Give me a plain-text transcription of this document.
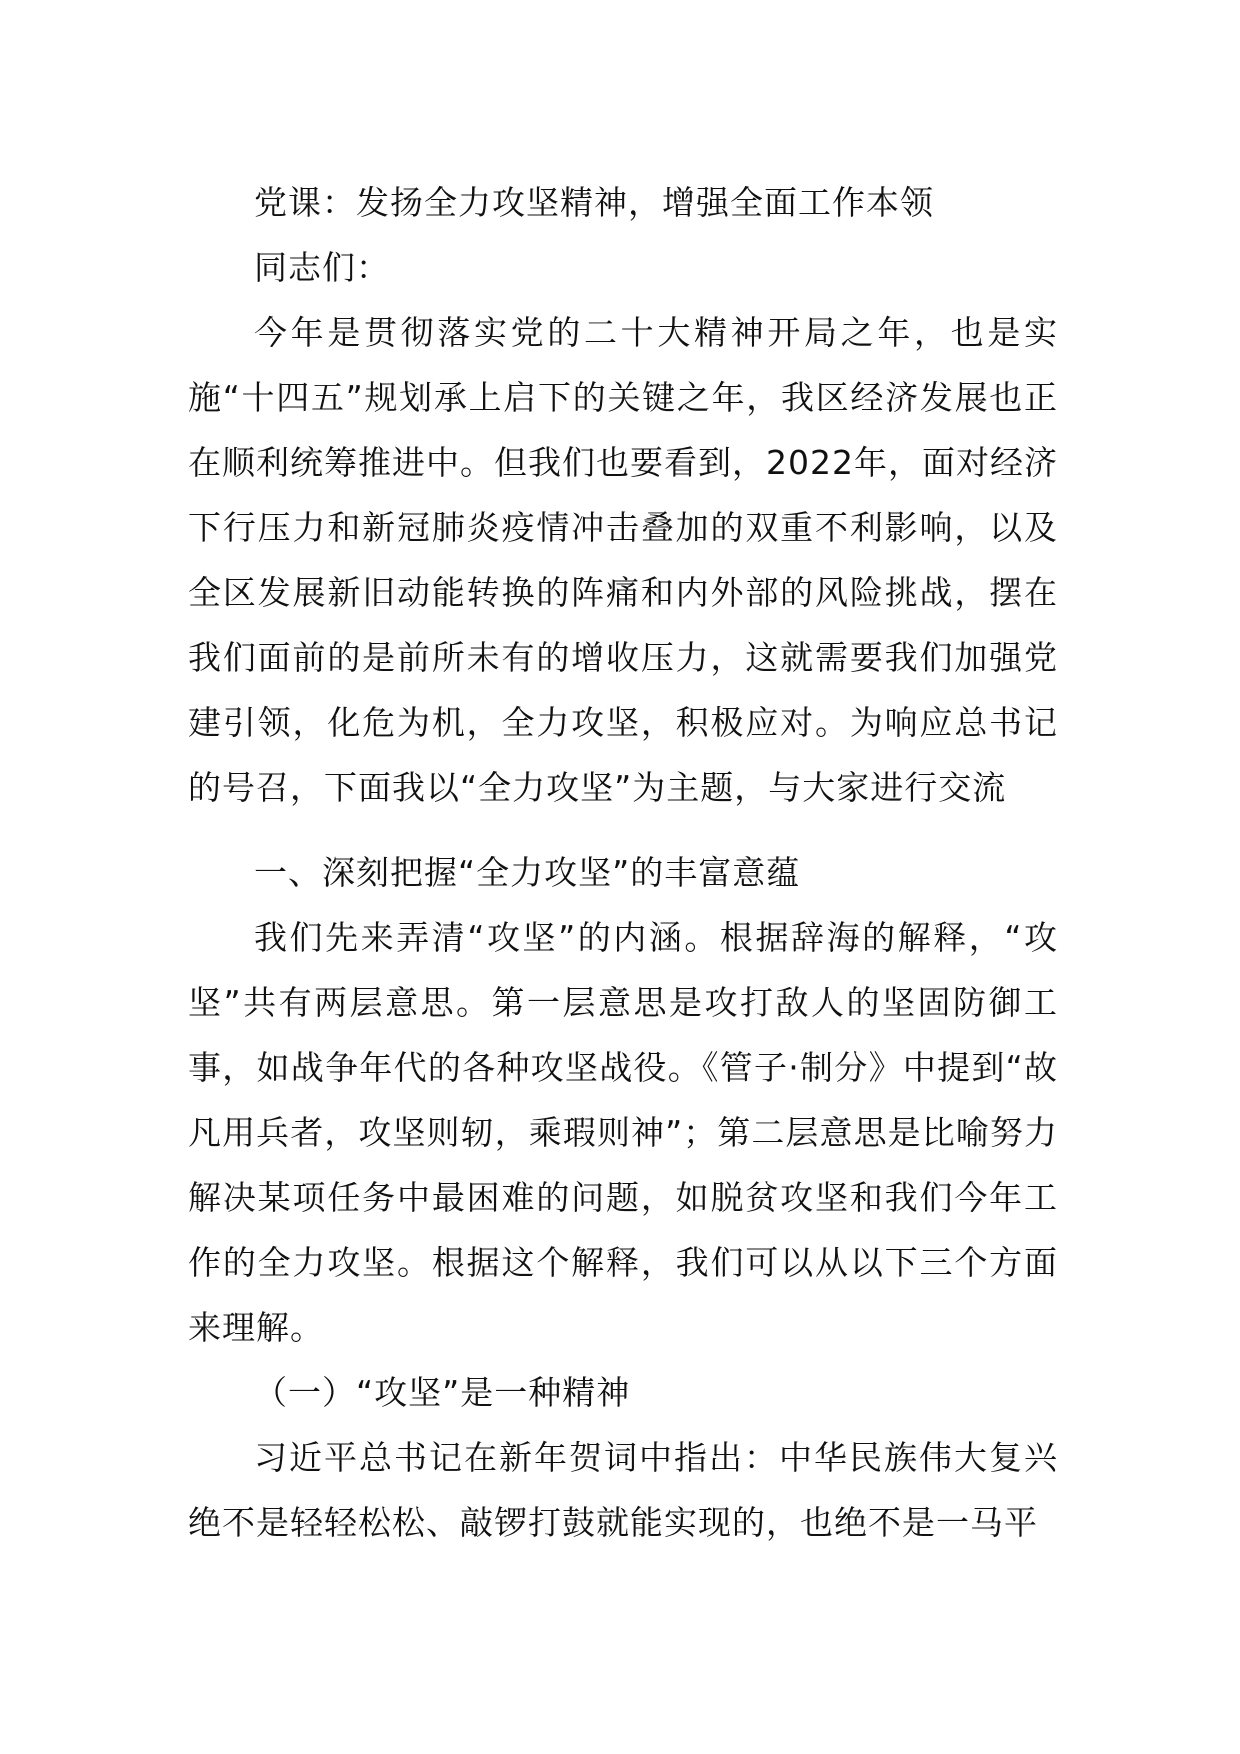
党课：发扬全力攻坚精神，增强全面工作本领

同志们：

今年是贯彻落实党的二十大精神开局之年，也是实施“十四五”规划承上启下的关键之年，我区经济发展也正在顺利统筹推进中。但我们也要看到，2022年，面对经济下行压力和新冠肺炎疫情冲击叠加的双重不利影响，以及全区发展新旧动能转换的阵痛和内外部的风险挑战，摆在我们面前的是前所未有的增收压力，这就需要我们加强党建引领，化危为机，全力攻坚，积极应对。为响应总书记的号召，下面我以“全力攻坚”为主题，与大家进行交流

一、深刻把握“全力攻坚”的丰富意蕴

我们先来弄清“攻坚”的内涵。根据辞海的解释，“攻坚”共有两层意思。第一层意思是攻打敌人的坚固防御工事，如战争年代的各种攻坚战役。《管子·制分》中提到“故凡用兵者，攻坚则轫，乘瑕则神”；第二层意思是比喻努力解决某项任务中最困难的问题，如脱贫攻坚和我们今年工作的全力攻坚。根据这个解释，我们可以从以下三个方面来理解。

（一）“攻坚”是一种精神

习近平总书记在新年贺词中指出：中华民族伟大复兴绝不是轻轻松松、敲锣打鼓就能实现的，也绝不是一马平
